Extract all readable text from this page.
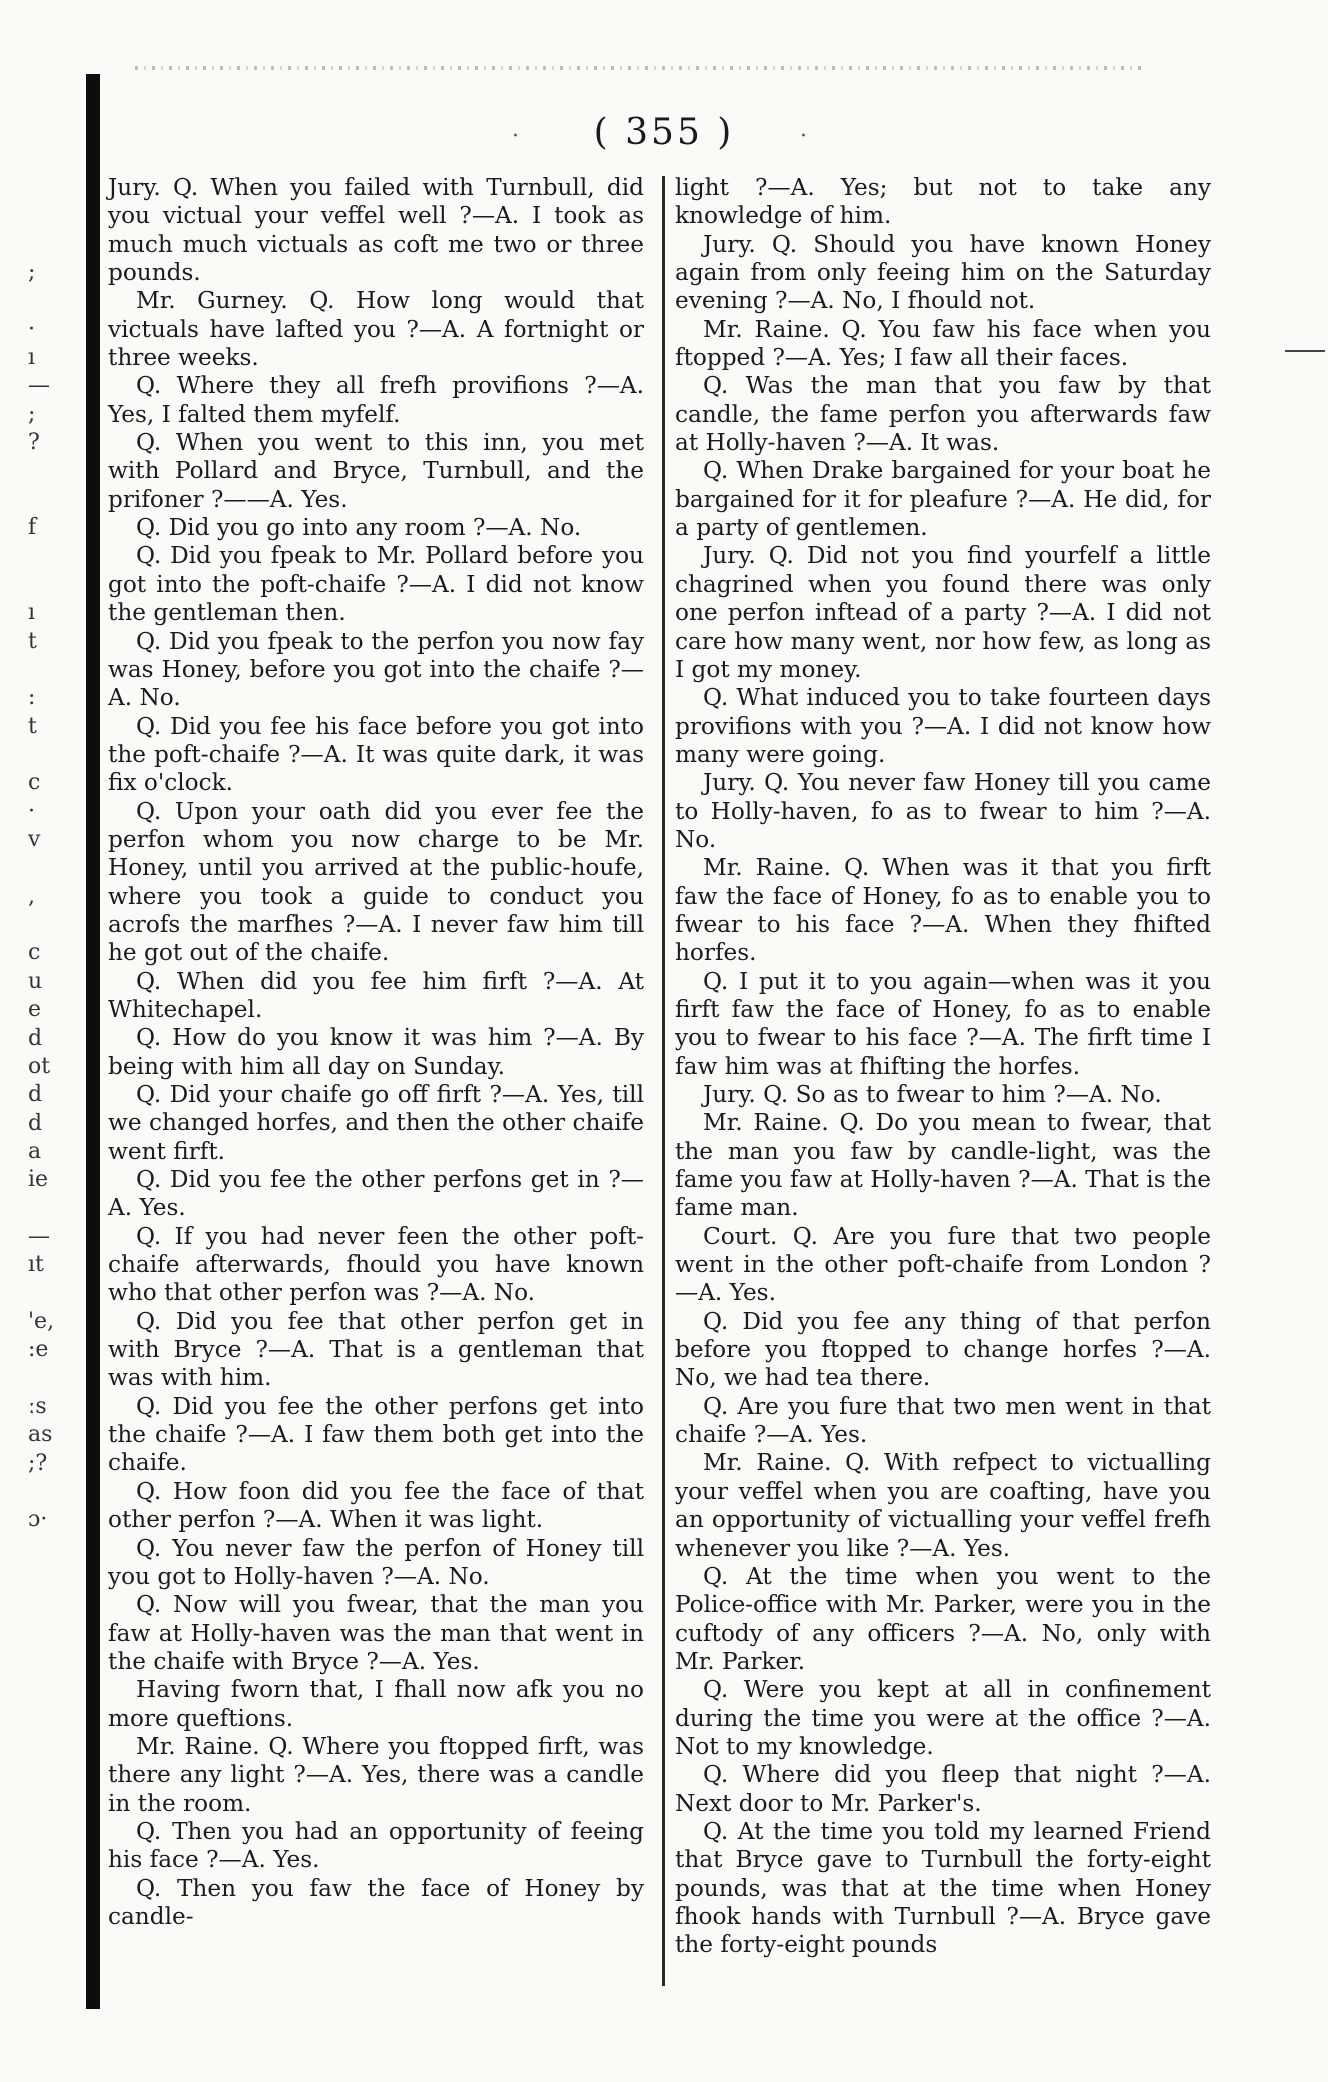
·	( 355 )	·
;
·
ı
—
;
?
f
ı
t
:
t
c
·
v
,
c
u
e
d
ot
d
d
a
ie
—
ıt
'e,
:e
ːs
as
;?
ɔ·

Jury. Q. When you failed with Turnbull, did you victual your veffel well ?—A. I took as much much victuals as coft me two or three pounds.

Mr. Gurney. Q. How long would that victuals have lafted you ?—A. A fortnight or three weeks.

Q. Where they all frefh provifions ?—A. Yes, I falted them myfelf.

Q. When you went to this inn, you met with Pollard and Bryce, Turnbull, and the prifoner ?——A. Yes.

Q. Did you go into any room ?—A. No.

Q. Did you fpeak to Mr. Pollard before you got into the poft-chaife ?—A. I did not know the gentleman then.

Q. Did you fpeak to the perfon you now fay was Honey, before you got into the chaife ?—A. No.

Q. Did you fee his face before you got into the poft-chaife ?—A. It was quite dark, it was fix o'clock.

Q. Upon your oath did you ever fee the perfon whom you now charge to be Mr. Honey, until you arrived at the public-houfe, where you took a guide to conduct you acrofs the marfhes ?—A. I never faw him till he got out of the chaife.

Q. When did you fee him firft ?—A. At Whitechapel.

Q. How do you know it was him ?—A. By being with him all day on Sunday.

Q. Did your chaife go off firft ?—A. Yes, till we changed horfes, and then the other chaife went firft.

Q. Did you fee the other perfons get in ?—A. Yes.

Q. If you had never feen the other poft-chaife afterwards, fhould you have known who that other perfon was ?—A. No.

Q. Did you fee that other perfon get in with Bryce ?—A. That is a gentleman that was with him.

Q. Did you fee the other perfons get into the chaife ?—A. I faw them both get into the chaife.

Q. How foon did you fee the face of that other perfon ?—A. When it was light.

Q. You never faw the perfon of Honey till you got to Holly-haven ?—A. No.

Q. Now will you fwear, that the man you faw at Holly-haven was the man that went in the chaife with Bryce ?—A. Yes.

Having fworn that, I fhall now afk you no more queftions.

Mr. Raine. Q. Where you ftopped firft, was there any light ?—A. Yes, there was a candle in the room.

Q. Then you had an opportunity of feeing his face ?—A. Yes.

Q. Then you faw the face of Honey by candle-

light ?—A. Yes; but not to take any knowledge of him.

Jury. Q. Should you have known Honey again from only feeing him on the Saturday evening ?—A. No, I fhould not.

Mr. Raine. Q. You faw his face when you ftopped ?—A. Yes; I faw all their faces.

Q. Was the man that you faw by that candle, the fame perfon you afterwards faw at Holly-haven ?—A. It was.

Q. When Drake bargained for your boat he bargained for it for pleafure ?—A. He did, for a party of gentlemen.

Jury. Q. Did not you find yourfelf a little chagrined when you found there was only one perfon inftead of a party ?—A. I did not care how many went, nor how few, as long as I got my money.

Q. What induced you to take fourteen days provifions with you ?—A. I did not know how many were going.

Jury. Q. You never faw Honey till you came to Holly-haven, fo as to fwear to him ?—A. No.

Mr. Raine. Q. When was it that you firft faw the face of Honey, fo as to enable you to fwear to his face ?—A. When they fhifted horfes.

Q. I put it to you again—when was it you firft faw the face of Honey, fo as to enable you to fwear to his face ?—A. The firft time I faw him was at fhifting the horfes.

Jury. Q. So as to fwear to him ?—A. No.

Mr. Raine. Q. Do you mean to fwear, that the man you faw by candle-light, was the fame you faw at Holly-haven ?—A. That is the fame man.

Court. Q. Are you fure that two people went in the other poft-chaife from London ?—A. Yes.

Q. Did you fee any thing of that perfon before you ftopped to change horfes ?—A. No, we had tea there.

Q. Are you fure that two men went in that chaife ?—A. Yes.

Mr. Raine. Q. With refpect to victualling your veffel when you are coafting, have you an opportunity of victualling your veffel frefh whenever you like ?—A. Yes.

Q. At the time when you went to the Police-office with Mr. Parker, were you in the cuftody of any officers ?—A. No, only with Mr. Parker.

Q. Were you kept at all in confinement during the time you were at the office ?—A. Not to my knowledge.

Q. Where did you fleep that night ?—A. Next door to Mr. Parker's.

Q. At the time you told my learned Friend that Bryce gave to Turnbull the forty-eight pounds, was that at the time when Honey fhook hands with Turnbull ?—A. Bryce gave the forty-eight pounds
